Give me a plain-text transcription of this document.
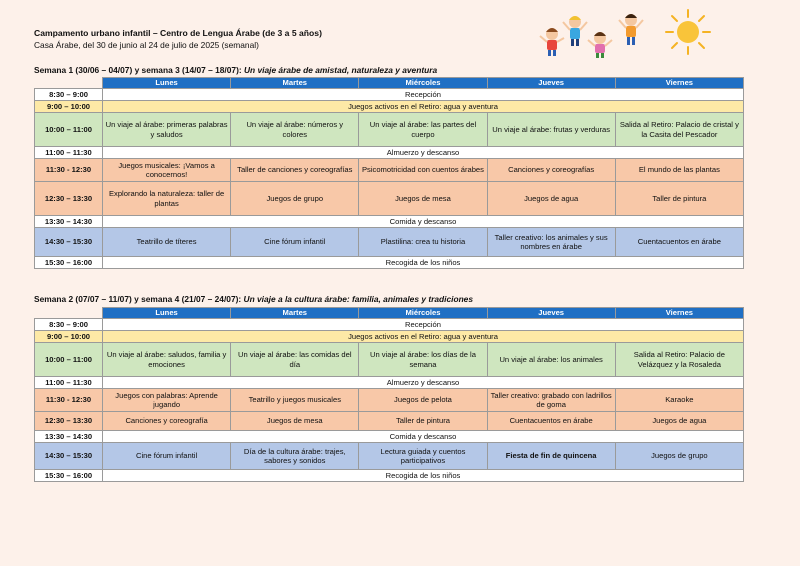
Campamento urbano infantil – Centro de Lengua Árabe (de 3 a 5 años)
Casa Árabe, del 30 de junio al 24 de julio de 2025 (semanal)
Semana 1 (30/06 – 04/07) y semana 3 (14/07 – 18/07): Un viaje árabe de amistad, naturaleza y aventura
	Lunes	Martes	Miércoles	Jueves	Viernes
8:30 – 9:00	Recepción				
9:00 – 10:00	Juegos activos en el Retiro: agua y aventura				
10:00 – 11:00	Un viaje al árabe: primeras palabras y saludos	Un viaje al árabe: números y colores	Un viaje al árabe: las partes del cuerpo	Un viaje al árabe: frutas y verduras	Salida al Retiro: Palacio de cristal y la Casita del Pescador
11:00 – 11:30	Almuerzo y descanso				
11:30 - 12:30	Juegos musicales: ¡Vamos a conocernos!	Taller de canciones y coreografías	Psicomotricidad con cuentos árabes	Canciones y coreografías	El mundo de las plantas
12:30 – 13:30	Explorando la naturaleza: taller de plantas	Juegos de grupo	Juegos de mesa	Juegos de agua	Taller de pintura
13:30 – 14:30	Comida y descanso				
14:30 – 15:30	Teatrillo de títeres	Cine fórum infantil	Plastilina: crea tu historia	Taller creativo: los animales y sus nombres en árabe	Cuentacuentos en árabe
15:30 – 16:00	Recogida de los niños				
Semana 2 (07/07 – 11/07) y semana 4 (21/07 – 24/07): Un viaje a la cultura árabe: familia, animales y tradiciones
	Lunes	Martes	Miércoles	Jueves	Viernes
8:30 – 9:00	Recepción				
9:00 – 10:00	Juegos activos en el Retiro: agua y aventura				
10:00 – 11:00	Un viaje al árabe: saludos, familia y emociones	Un viaje al árabe: las comidas del día	Un viaje al árabe: los días de la semana	Un viaje al árabe: los animales	Salida al Retiro: Palacio de Velázquez y la Rosaleda
11:00 – 11:30	Almuerzo y descanso				
11:30 - 12:30	Juegos con palabras: Aprende jugando	Teatrillo y juegos musicales	Juegos de pelota	Taller creativo: grabado con ladrillos de goma	Karaoke
12:30 – 13:30	Canciones y coreografía	Juegos de mesa	Taller de pintura	Cuentacuentos en árabe	Juegos de agua
13:30 – 14:30	Comida y descanso				
14:30 – 15:30	Cine fórum infantil	Día de la cultura árabe: trajes, sabores y sonidos	Lectura guiada y cuentos participativos	Fiesta de fin de quincena	Juegos de grupo
15:30 – 16:00	Recogida de los niños				
